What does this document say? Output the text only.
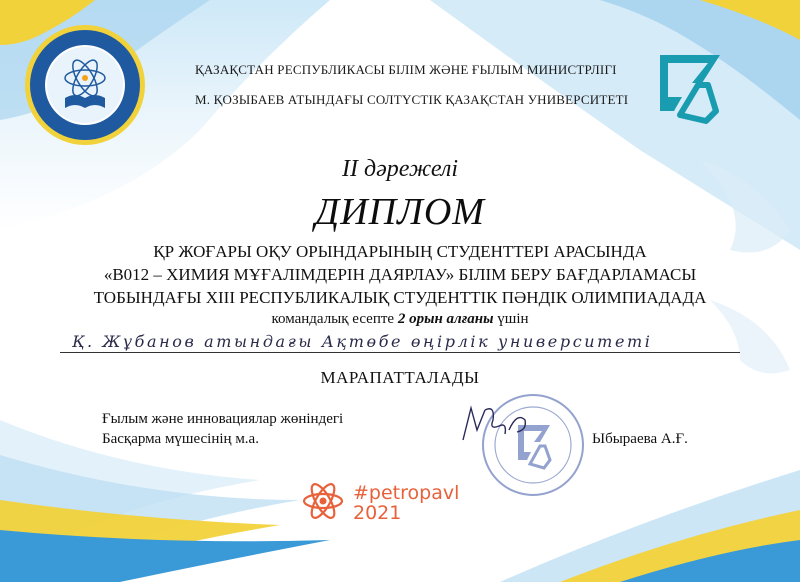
ҚАЗАҚСТАН РЕСПУБЛИКАСЫ БІЛІМ ЖӘНЕ ҒЫЛЫМ МИНИСТРЛІГІ
М. ҚОЗЫБАЕВ АТЫНДАҒЫ СОЛТҮСТІК ҚАЗАҚСТАН УНИВЕРСИТЕТІ
II дәрежелі
ДИПЛОМ
ҚР ЖОҒАРЫ ОҚУ ОРЫНДАРЫНЫҢ СТУДЕНТТЕРІ АРАСЫНДА
«В012 – ХИМИЯ МҰҒАЛІМДЕРІН ДАЯРЛАУ» БІЛІМ БЕРУ БАҒДАРЛАМАСЫ
ТОБЫНДАҒЫ XIII РЕСПУБЛИКАЛЫҚ СТУДЕНТТІК ПӘНДІК ОЛИМПИАДАДА
командалық есепте 2 орын алғаны үшін
Қ. Жұбанов атындағы Ақтөбе өңірлік университеті
МАРАПАТТАЛАДЫ
Ғылым және инновациялар жөніндегі
Басқарма мүшесінің м.а.	Ыбыраева А.Ғ.
#petropavl
2021
